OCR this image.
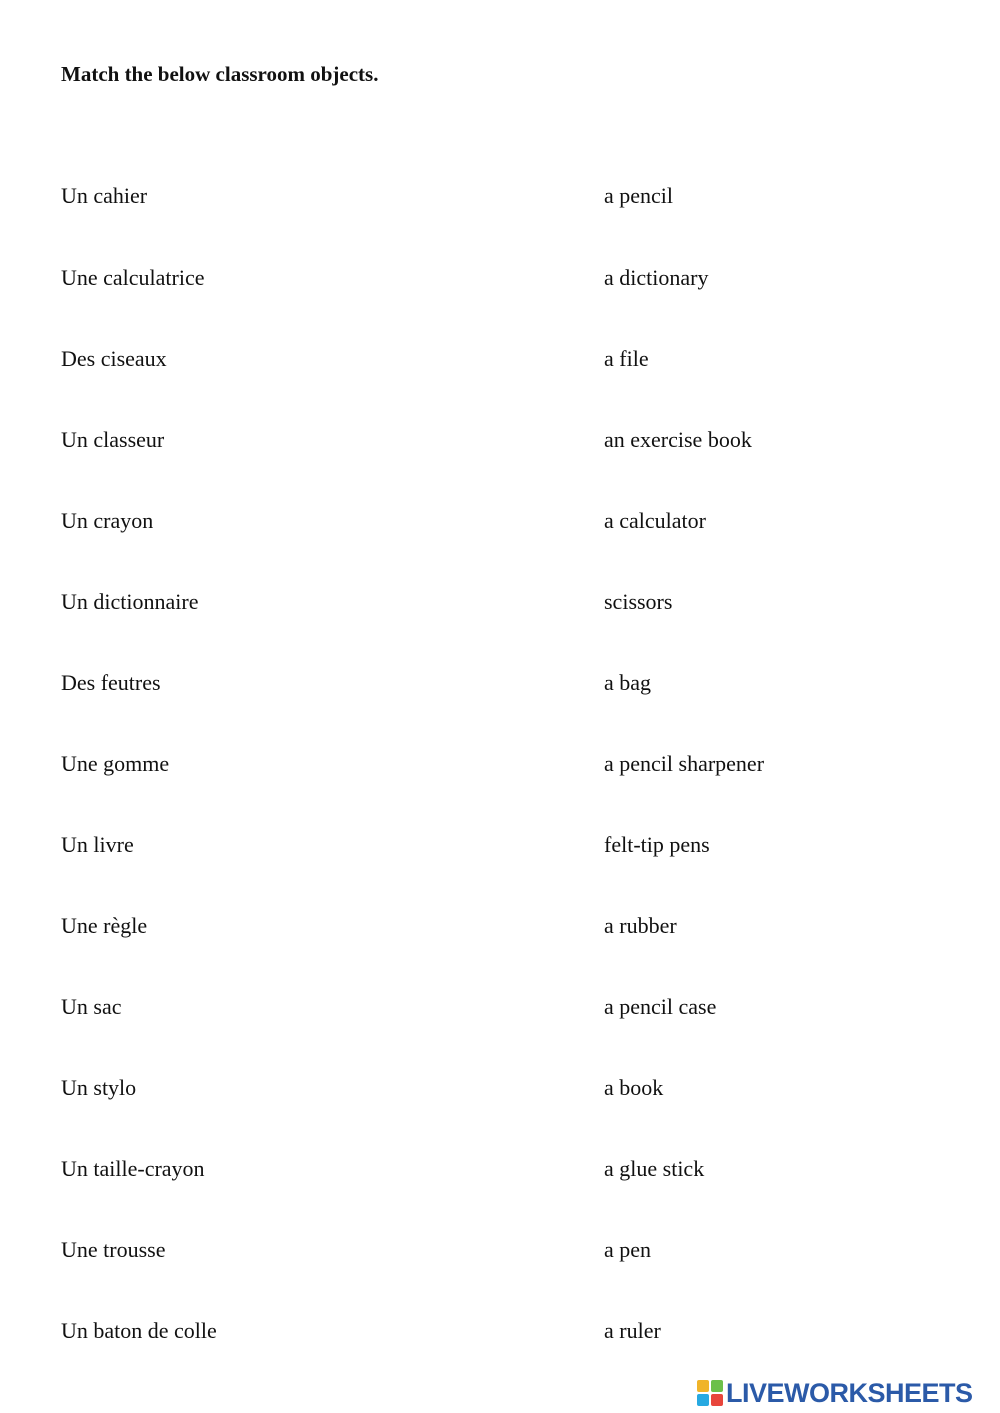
Match the below classroom objects.
Un cahier
Une calculatrice
Des ciseaux
Un classeur
Un crayon
Un dictionnaire
Des feutres
Une gomme
Un livre
Une règle
Un sac
Un stylo
Un taille-crayon
Une trousse
Un baton de colle
a pencil
a dictionary
a file
an exercise book
a calculator
scissors
a bag
a pencil sharpener
felt-tip pens
a rubber
a pencil case
a book
a glue stick
a pen
a ruler
LIVEWORKSHEETS
